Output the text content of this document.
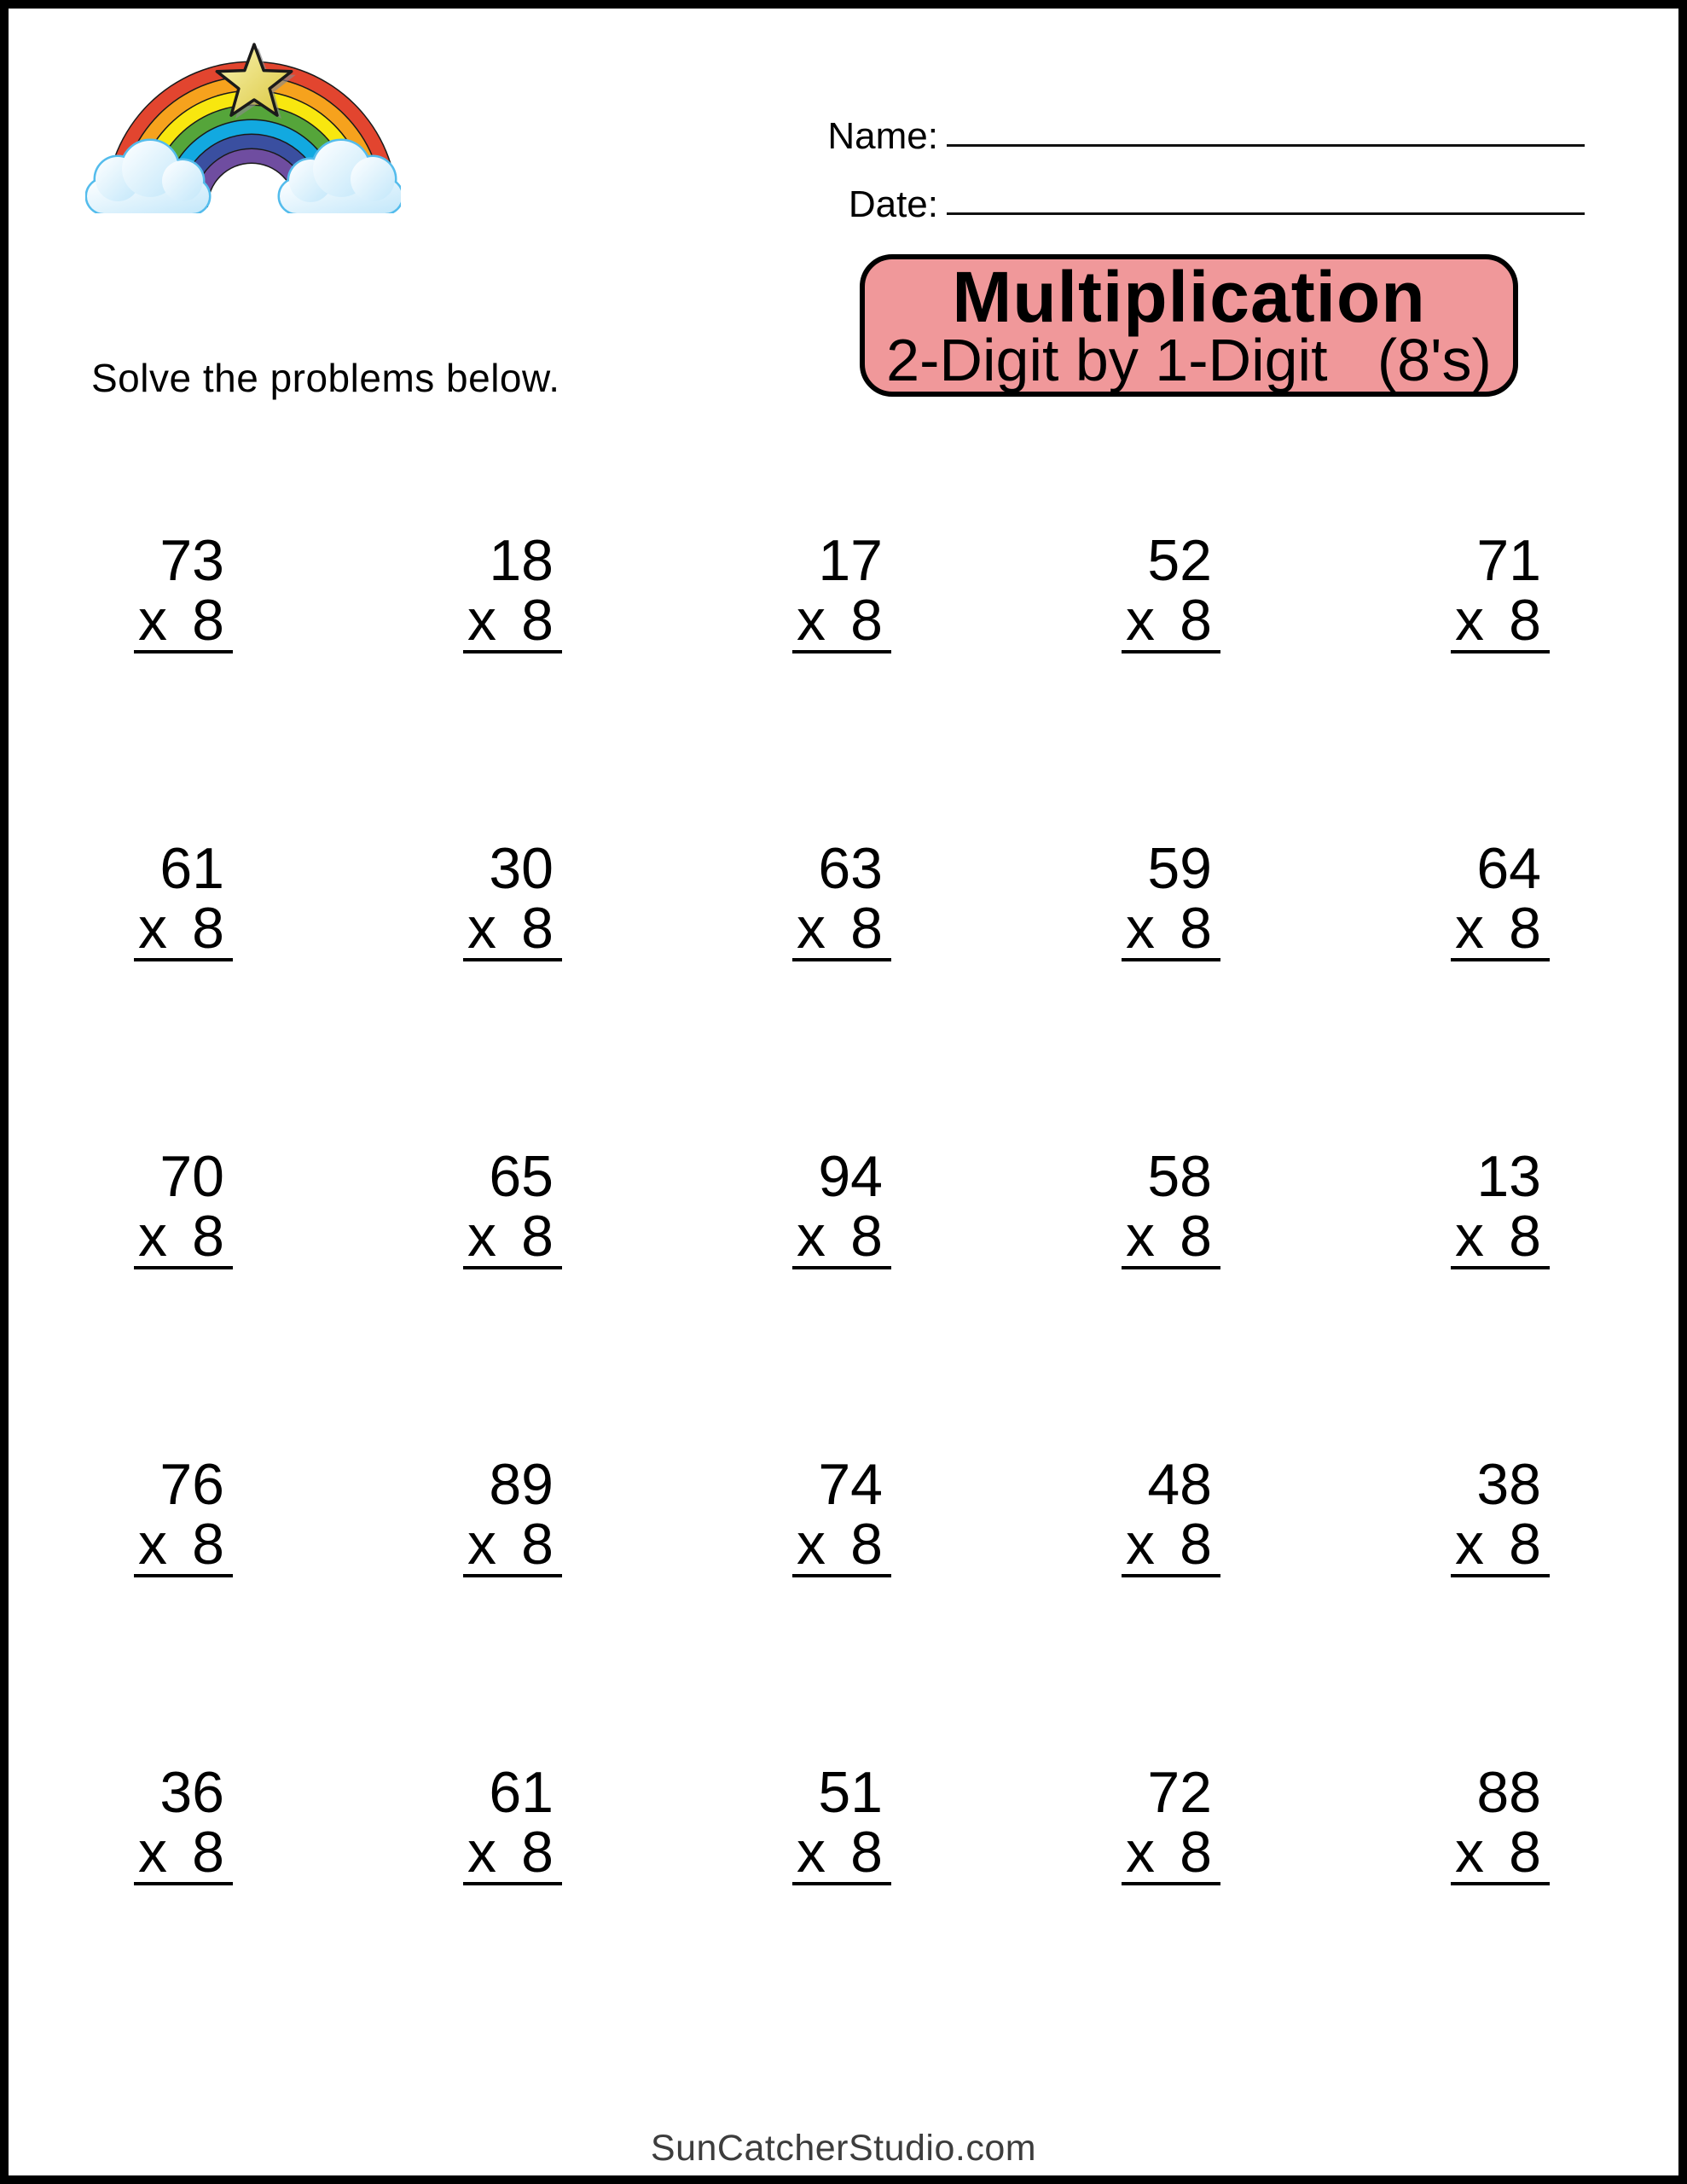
Solve the problems below.
Name:
Date:
Multiplication
2-Digit by 1-Digit   (8's)
73
x 8
18
x 8
17
x 8
52
x 8
71
x 8
61
x 8
30
x 8
63
x 8
59
x 8
64
x 8
70
x 8
65
x 8
94
x 8
58
x 8
13
x 8
76
x 8
89
x 8
74
x 8
48
x 8
38
x 8
36
x 8
61
x 8
51
x 8
72
x 8
88
x 8
SunCatcherStudio.com
